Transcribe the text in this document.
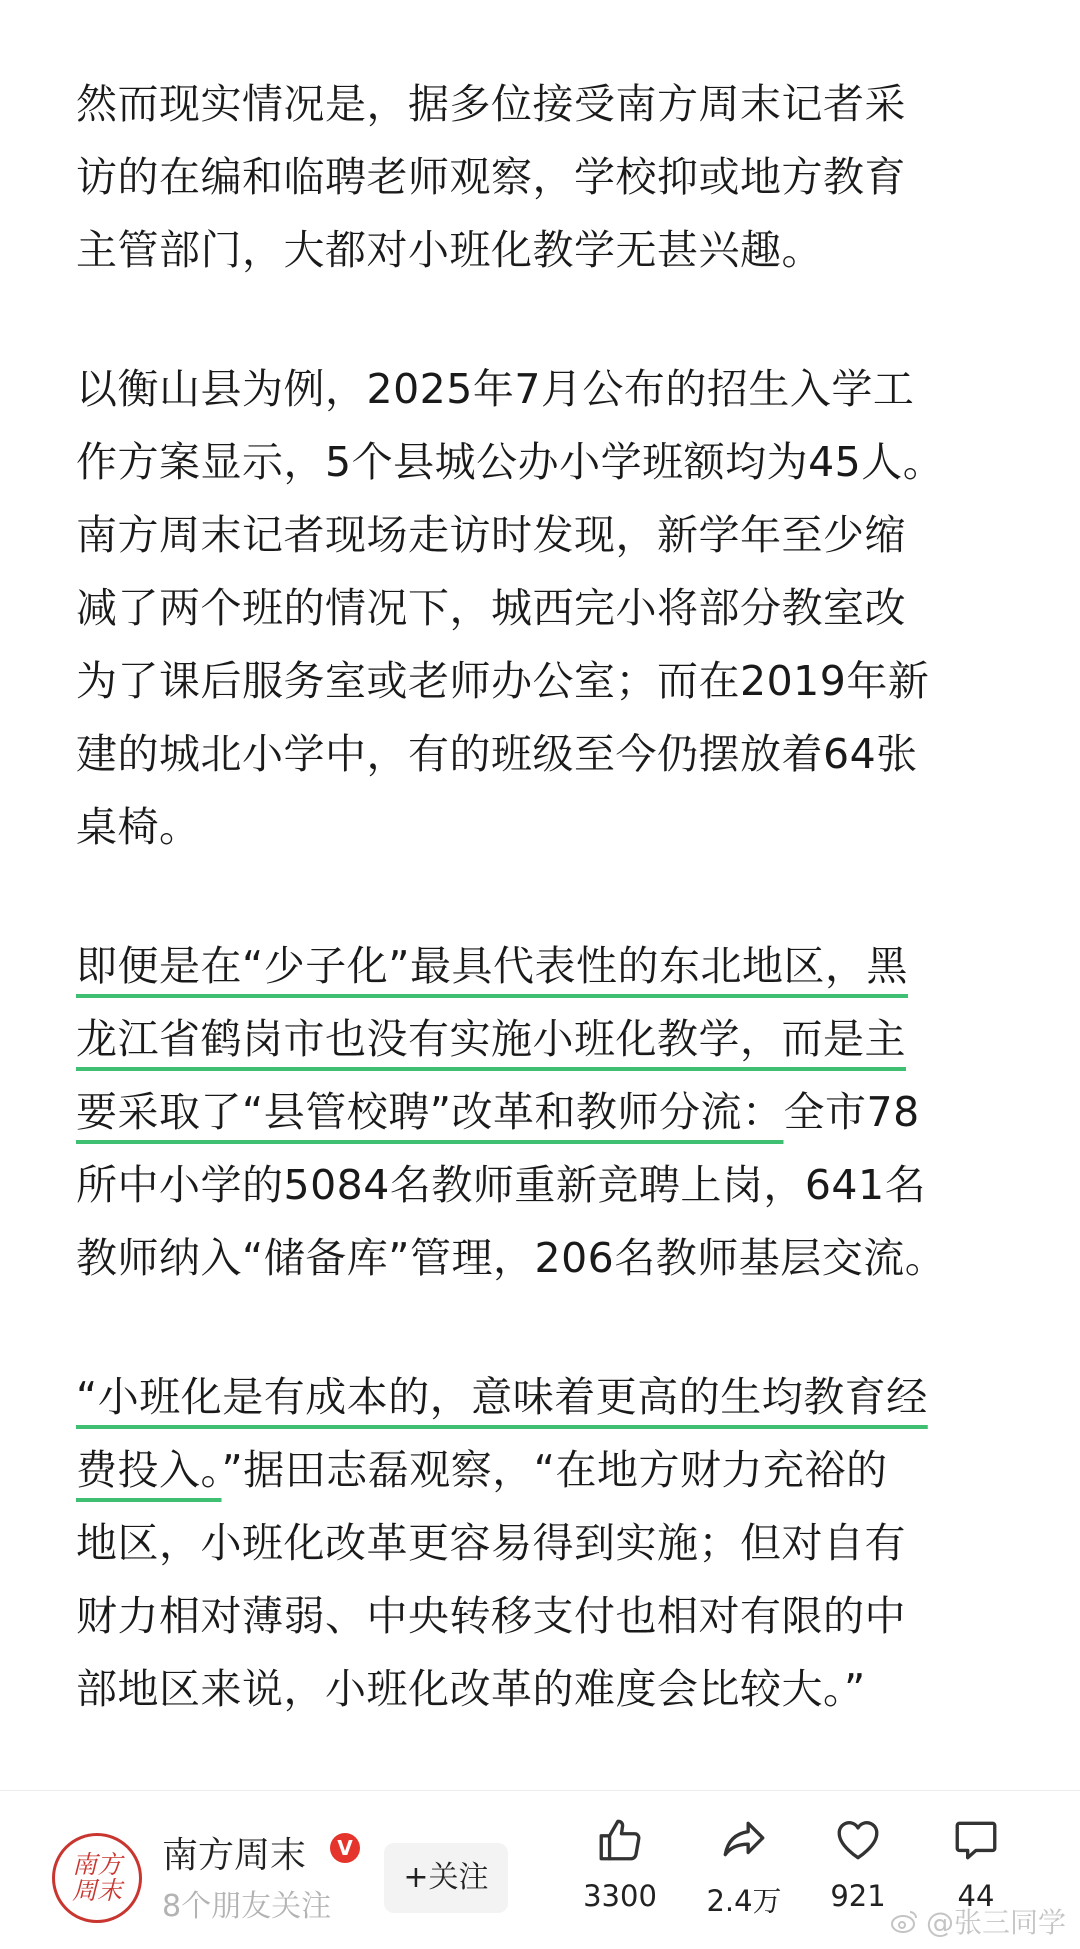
然而现实情况是，据多位接受南方周末记者采
访的在编和临聘老师观察，学校抑或地方教育
主管部门，大都对小班化教学无甚兴趣。
以衡山县为例，2025年7月公布的招生入学工
作方案显示，5个县城公办小学班额均为45人。
南方周末记者现场走访时发现，新学年至少缩
减了两个班的情况下，城西完小将部分教室改
为了课后服务室或老师办公室；而在2019年新
建的城北小学中，有的班级至今仍摆放着64张
桌椅。
即便是在“少子化”最具代表性的东北地区，黑
龙江省鹤岗市也没有实施小班化教学，而是主
要采取了“县管校聘”改革和教师分流：全市78
所中小学的5084名教师重新竞聘上岗，641名
教师纳入“储备库”管理，206名教师基层交流。
“小班化是有成本的，意味着更高的生均教育经
费投入。”据田志磊观察，“在地方财力充裕的
地区，小班化改革更容易得到实施；但对自有
财力相对薄弱、中央转移支付也相对有限的中
部地区来说，小班化改革的难度会比较大。”
南方周末
南方周末	V
8个朋友关注
+关注
3300	2.4万	921	44
@张三同学
